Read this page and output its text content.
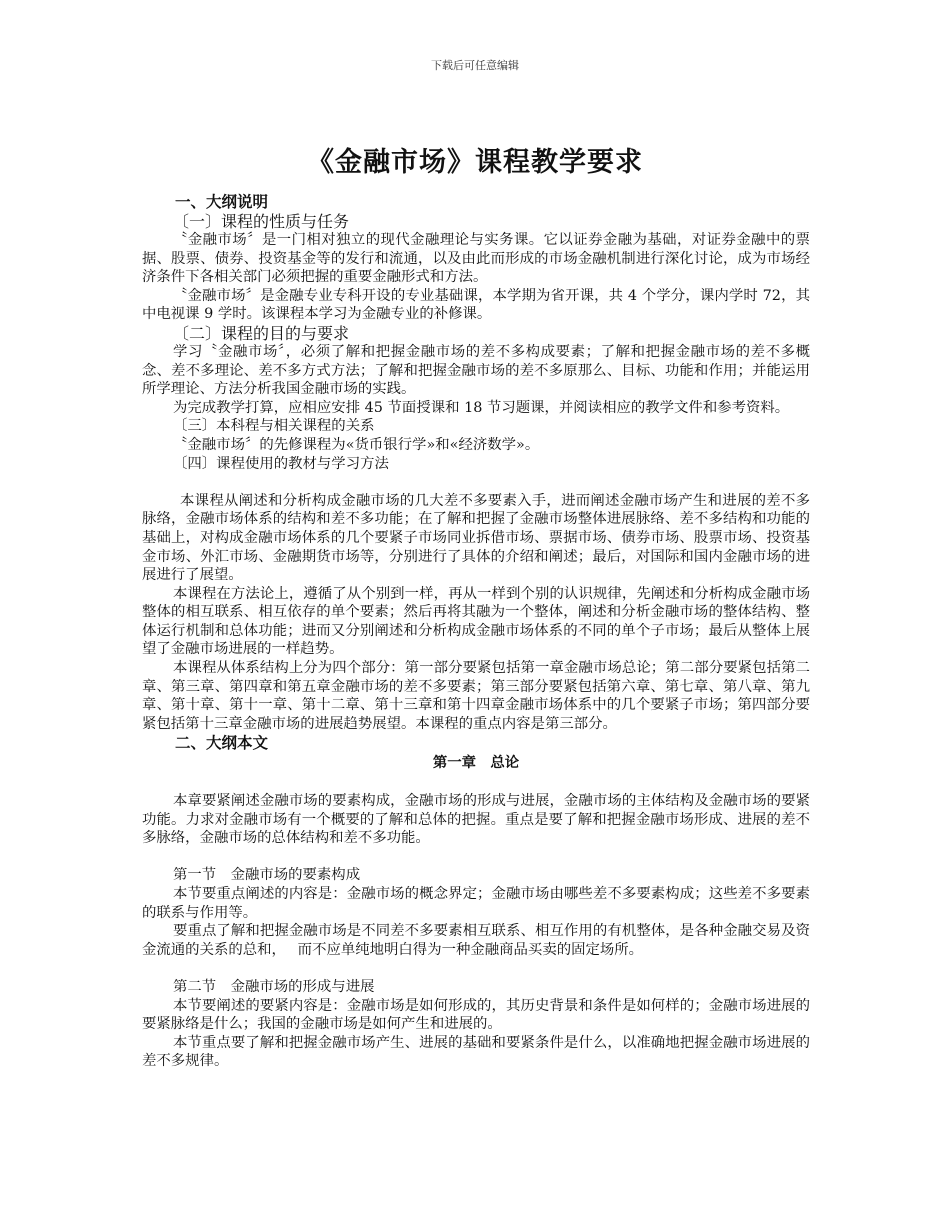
下载后可任意编辑
《金融市场》课程教学要求

一、大纲说明

〔一〕课程的性质与任务

〝金融市场〞是一门相对独立的现代金融理论与实务课。它以证券金融为基础，对证券金融中的票据、股票、债券、投资基金等的发行和流通，以及由此而形成的市场金融机制进行深化讨论，成为市场经济条件下各相关部门必须把握的重要金融形式和方法。

〝金融市场〞是金融专业专科开设的专业基础课，本学期为省开课，共 4 个学分，课内学时 72，其中电视课 9 学时。该课程本学习为金融专业的补修课。

〔二〕课程的目的与要求

学习〝金融市场〞，必须了解和把握金融市场的差不多构成要素；了解和把握金融市场的差不多概念、差不多理论、差不多方式方法；了解和把握金融市场的差不多原那么、目标、功能和作用；并能运用所学理论、方法分析我国金融市场的实践。

为完成教学打算，应相应安排 45 节面授课和 18 节习题课，并阅读相应的教学文件和参考资料。

〔三〕本科程与相关课程的关系

〝金融市场〞的先修课程为«货币银行学»和«经济数学»。

〔四〕课程使用的教材与学习方法

本课程从阐述和分析构成金融市场的几大差不多要素入手，进而阐述金融市场产生和进展的差不多脉络，金融市场体系的结构和差不多功能；在了解和把握了金融市场整体进展脉络、差不多结构和功能的基础上，对构成金融市场体系的几个要紧子市场同业拆借市场、票据市场、债券市场、股票市场、投资基金市场、外汇市场、金融期货市场等，分别进行了具体的介绍和阐述；最后，对国际和国内金融市场的进展进行了展望。

本课程在方法论上，遵循了从个别到一样，再从一样到个别的认识规律，先阐述和分析构成金融市场整体的相互联系、相互依存的单个要素；然后再将其融为一个整体，阐述和分析金融市场的整体结构、整体运行机制和总体功能；进而又分别阐述和分析构成金融市场体系的不同的单个子市场；最后从整体上展望了金融市场进展的一样趋势。

本课程从体系结构上分为四个部分：第一部分要紧包括第一章金融市场总论；第二部分要紧包括第二章、第三章、第四章和第五章金融市场的差不多要素；第三部分要紧包括第六章、第七章、第八章、第九章、第十章、第十一章、第十二章、第十三章和第十四章金融市场体系中的几个要紧子市场；第四部分要紧包括第十三章金融市场的进展趋势展望。本课程的重点内容是第三部分。

二、大纲本文

第一章　总论

本章要紧阐述金融市场的要素构成，金融市场的形成与进展，金融市场的主体结构及金融市场的要紧功能。力求对金融市场有一个概要的了解和总体的把握。重点是要了解和把握金融市场形成、进展的差不多脉络，金融市场的总体结构和差不多功能。

第一节　金融市场的要素构成

本节要重点阐述的内容是：金融市场的概念界定；金融市场由哪些差不多要素构成；这些差不多要素的联系与作用等。

要重点了解和把握金融市场是不同差不多要素相互联系、相互作用的有机整体，是各种金融交易及资金流通的关系的总和，　 而不应单纯地明白得为一种金融商品买卖的固定场所。

第二节　金融市场的形成与进展

本节要阐述的要紧内容是：金融市场是如何形成的，其历史背景和条件是如何样的；金融市场进展的要紧脉络是什么；我国的金融市场是如何产生和进展的。

本节重点要了解和把握金融市场产生、进展的基础和要紧条件是什么，以准确地把握金融市场进展的差不多规律。
